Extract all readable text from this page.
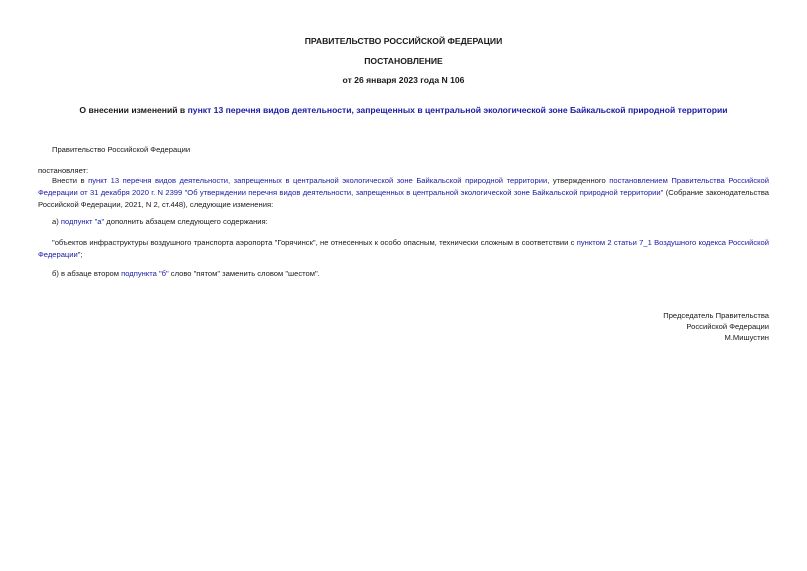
ПРАВИТЕЛЬСТВО РОССИЙСКОЙ ФЕДЕРАЦИИ
ПОСТАНОВЛЕНИЕ
от 26 января 2023 года N 106
О внесении изменений в пункт 13 перечня видов деятельности, запрещенных в центральной экологической зоне Байкальской природной территории
Правительство Российской Федерации
постановляет:
Внести в пункт 13 перечня видов деятельности, запрещенных в центральной экологической зоне Байкальской природной территории, утвержденного постановлением Правительства Российской Федерации от 31 декабря 2020 г. N 2399 "Об утверждении перечня видов деятельности, запрещенных в центральной экологической зоне Байкальской природной территории" (Собрание законодательства Российской Федерации, 2021, N 2, ст.448), следующие изменения:
а) подпункт "а" дополнить абзацем следующего содержания:
"объектов инфраструктуры воздушного транспорта аэропорта "Горячинск", не отнесенных к особо опасным, технически сложным в соответствии с пунктом 2 статьи 7_1 Воздушного кодекса Российской Федерации";
б) в абзаце втором подпункта "б" слово "пятом" заменить словом "шестом".
Председатель Правительства
Российской Федерации
М.Мишустин
